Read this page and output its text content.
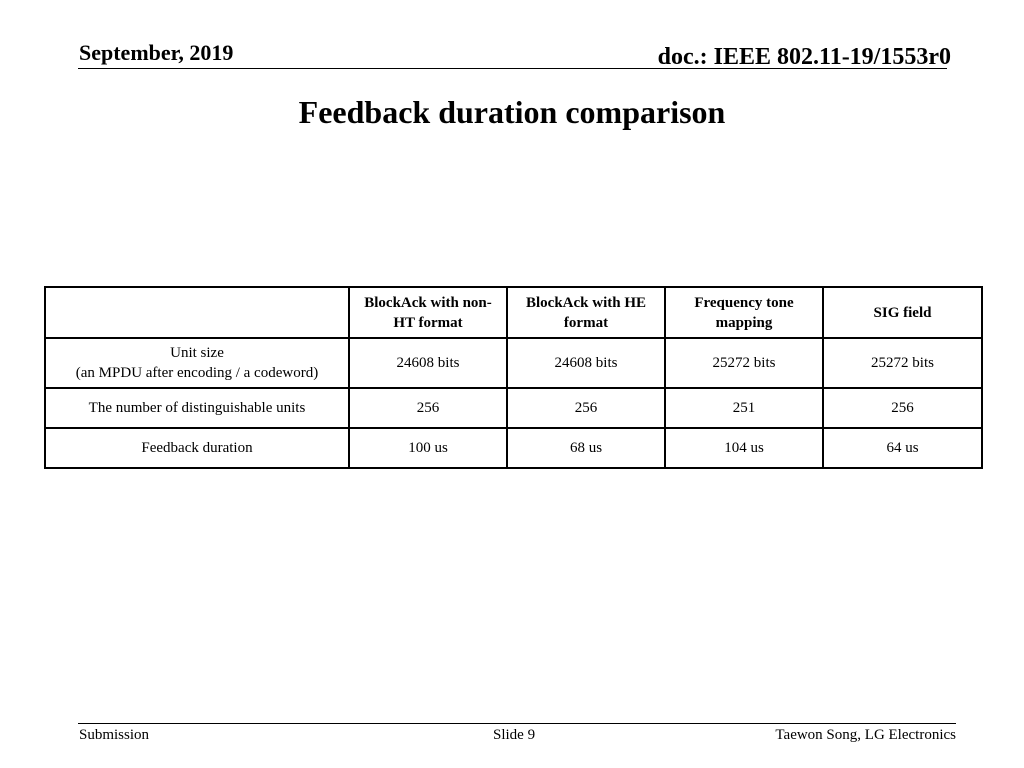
September, 2019	doc.: IEEE 802.11-19/1553r0
Feedback duration comparison
	BlockAck with non-HT format	BlockAck with HE format	Frequency tone mapping	SIG field

Unit size
(an MPDU after encoding / a codeword)	24608 bits	24608 bits	25272 bits	25272 bits

The number of distinguishable units	256	256	251	256

Feedback duration	100 us	68 us	104 us	64 us
Submission	Slide 9	Taewon Song, LG Electronics
